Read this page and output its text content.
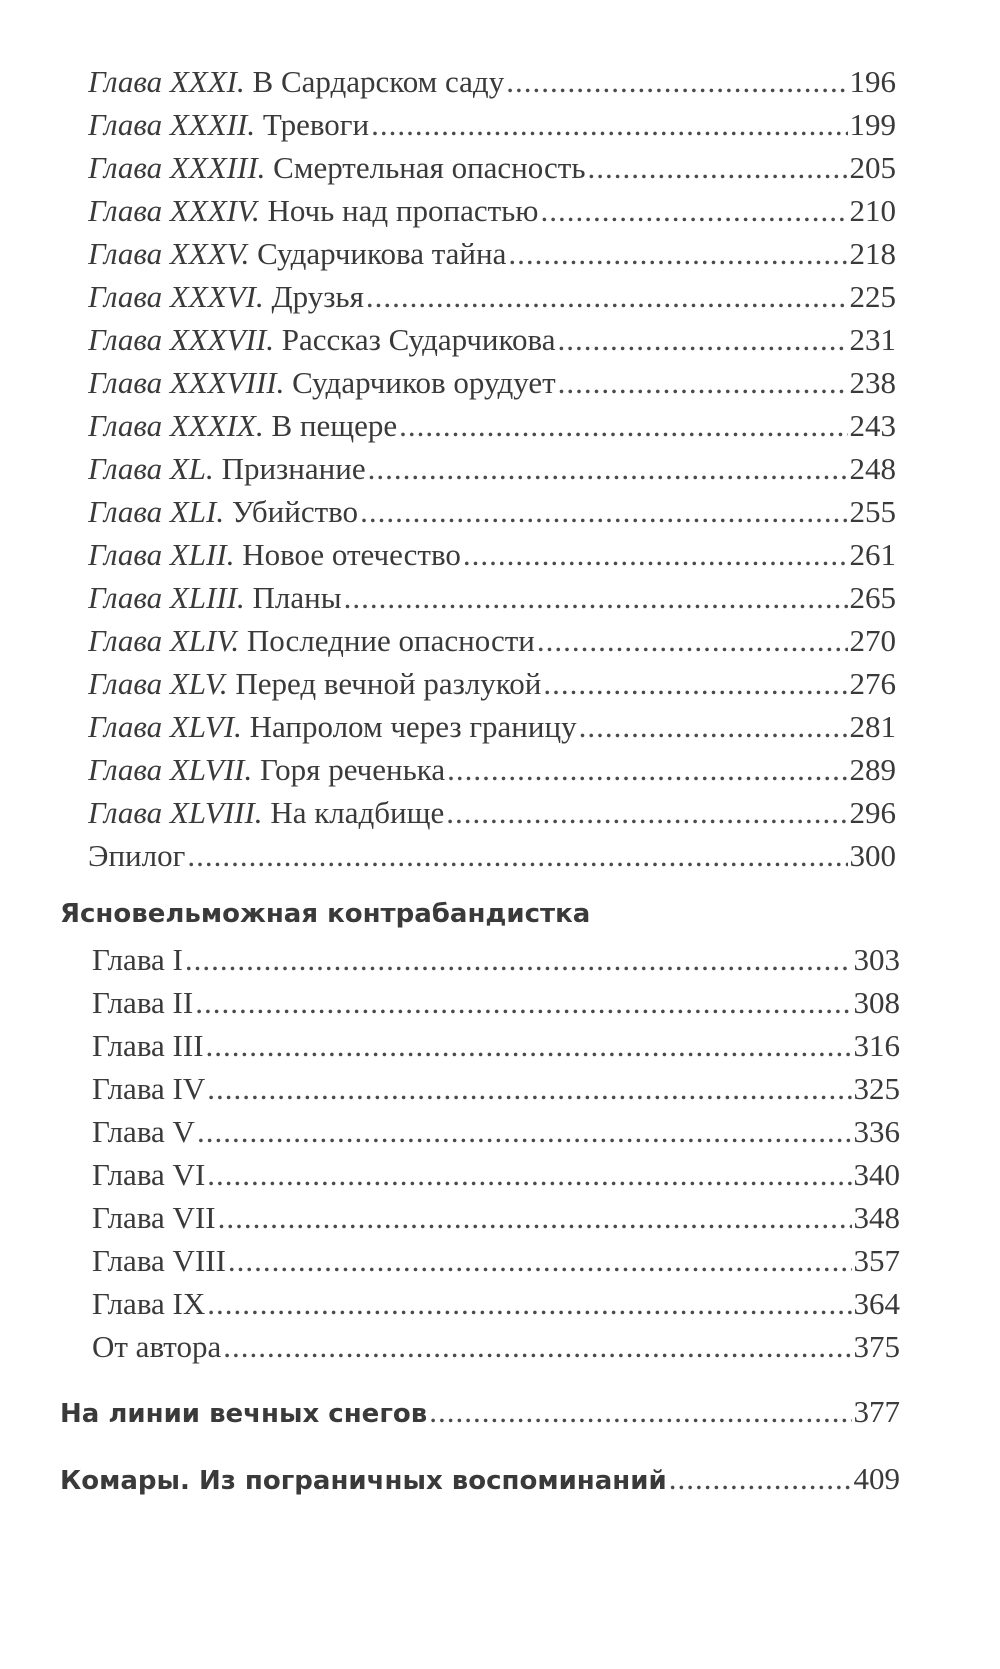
Глава XXXI. В Сардарском саду .....	196
Глава XXXII. Тревоги .....	199
Глава XXXIII. Смертельная опасность .....	205
Глава XXXIV. Ночь над пропастью .....	210
Глава XXXV. Сударчикова тайна .....	218
Глава XXXVI. Друзья .....	225
Глава XXXVII. Рассказ Сударчикова .....	231
Глава XXXVIII. Сударчиков орудует .....	238
Глава XXXIX. В пещере .....	243
Глава XL. Признание .....	248
Глава XLI. Убийство .....	255
Глава XLII. Новое отечество .....	261
Глава XLIII. Планы .....	265
Глава XLIV. Последние опасности .....	270
Глава XLV. Перед вечной разлукой .....	276
Глава XLVI. Напролом через границу .....	281
Глава XLVII. Горя реченька .....	289
Глава XLVIII. На кладбище .....	296
Эпилог .....	300
Ясновельможная контрабандистка
Глава I .....	303
Глава II .....	308
Глава III .....	316
Глава IV .....	325
Глава V .....	336
Глава VI .....	340
Глава VII .....	348
Глава VIII .....	357
Глава IX .....	364
От автора .....	375
На линии вечных снегов .....	377
Комары. Из пограничных воспоминаний .....	409
